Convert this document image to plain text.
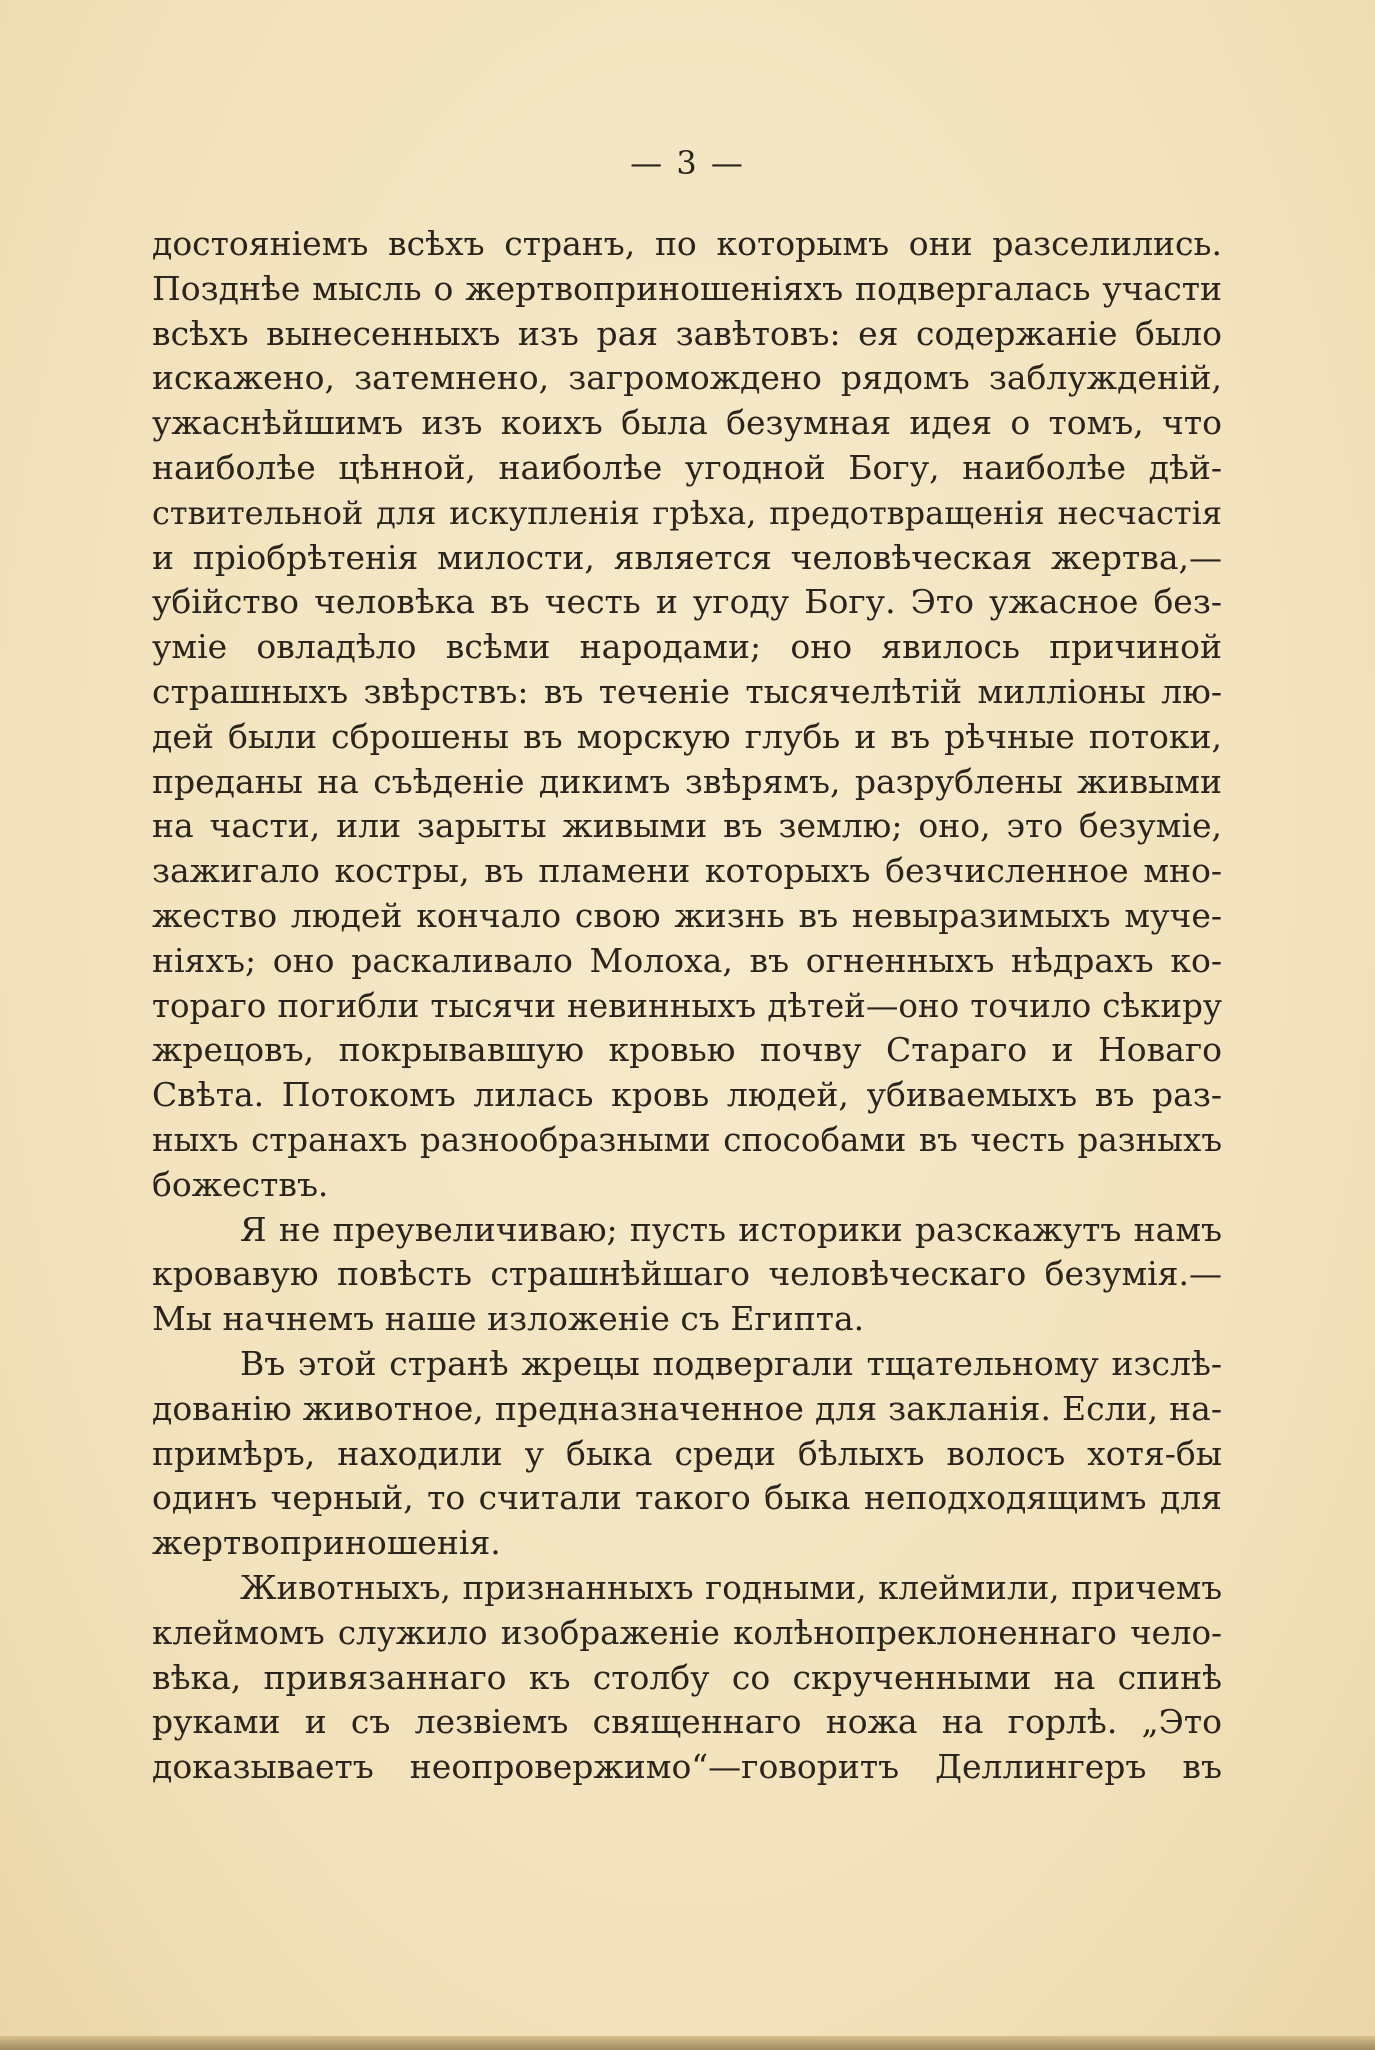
— 3 —
достоянiемъ всѣхъ странъ, по которымъ они разселились.
Позднѣе мысль о жертвоприношенiяхъ подвергалась участи
всѣхъ вынесенныхъ изъ рая завѣтовъ: ея содержанiе было
искажено, затемнено, загромождено рядомъ заблужденiй,
ужаснѣйшимъ изъ коихъ была безумная идея о томъ, что
наиболѣе цѣнной, наиболѣе угодной Богу, наиболѣе дѣй-
ствительной для искупленiя грѣха, предотвращенiя несчастiя
и прiобрѣтенiя милости, является человѣческая жертва,—
убiйство человѣка въ честь и угоду Богу. Это ужасное без-
умiе овладѣло всѣми народами; оно явилось причиной
страшныхъ звѣрствъ: въ теченiе тысячелѣтiй миллiоны лю-
дей были сброшены въ морскую глубь и въ рѣчные потоки,
преданы на съѣденiе дикимъ звѣрямъ, разрублены живыми
на части, или зарыты живыми въ землю; оно, это безумiе,
зажигало костры, въ пламени которыхъ безчисленное мно-
жество людей кончало свою жизнь въ невыразимыхъ муче-
нiяхъ; оно раскаливало Молоха, въ огненныхъ нѣдрахъ ко-
тораго погибли тысячи невинныхъ дѣтей—оно точило сѣкиру
жрецовъ, покрывавшую кровью почву Стараго и Новаго
Свѣта. Потокомъ лилась кровь людей, убиваемыхъ въ раз-
ныхъ странахъ разнообразными способами въ честь разныхъ
божествъ.
Я не преувеличиваю; пусть историки разскажутъ намъ
кровавую повѣсть страшнѣйшаго человѣческаго безумiя.—
Мы начнемъ наше изложенiе съ Египта.
Въ этой странѣ жрецы подвергали тщательному изслѣ-
дованiю животное, предназначенное для закланiя. Если, на-
примѣръ, находили у быка среди бѣлыхъ волосъ хотя-бы
одинъ черный, то считали такого быка неподходящимъ для
жертвоприношенiя.
Животныхъ, признанныхъ годными, клеймили, причемъ
клеймомъ служило изображенiе колѣнопреклоненнаго чело-
вѣка, привязаннаго къ столбу со скрученными на спинѣ
руками и съ лезвiемъ священнаго ножа на горлѣ. „Это
доказываетъ неопровержимо“—говоритъ Деллингеръ въ
